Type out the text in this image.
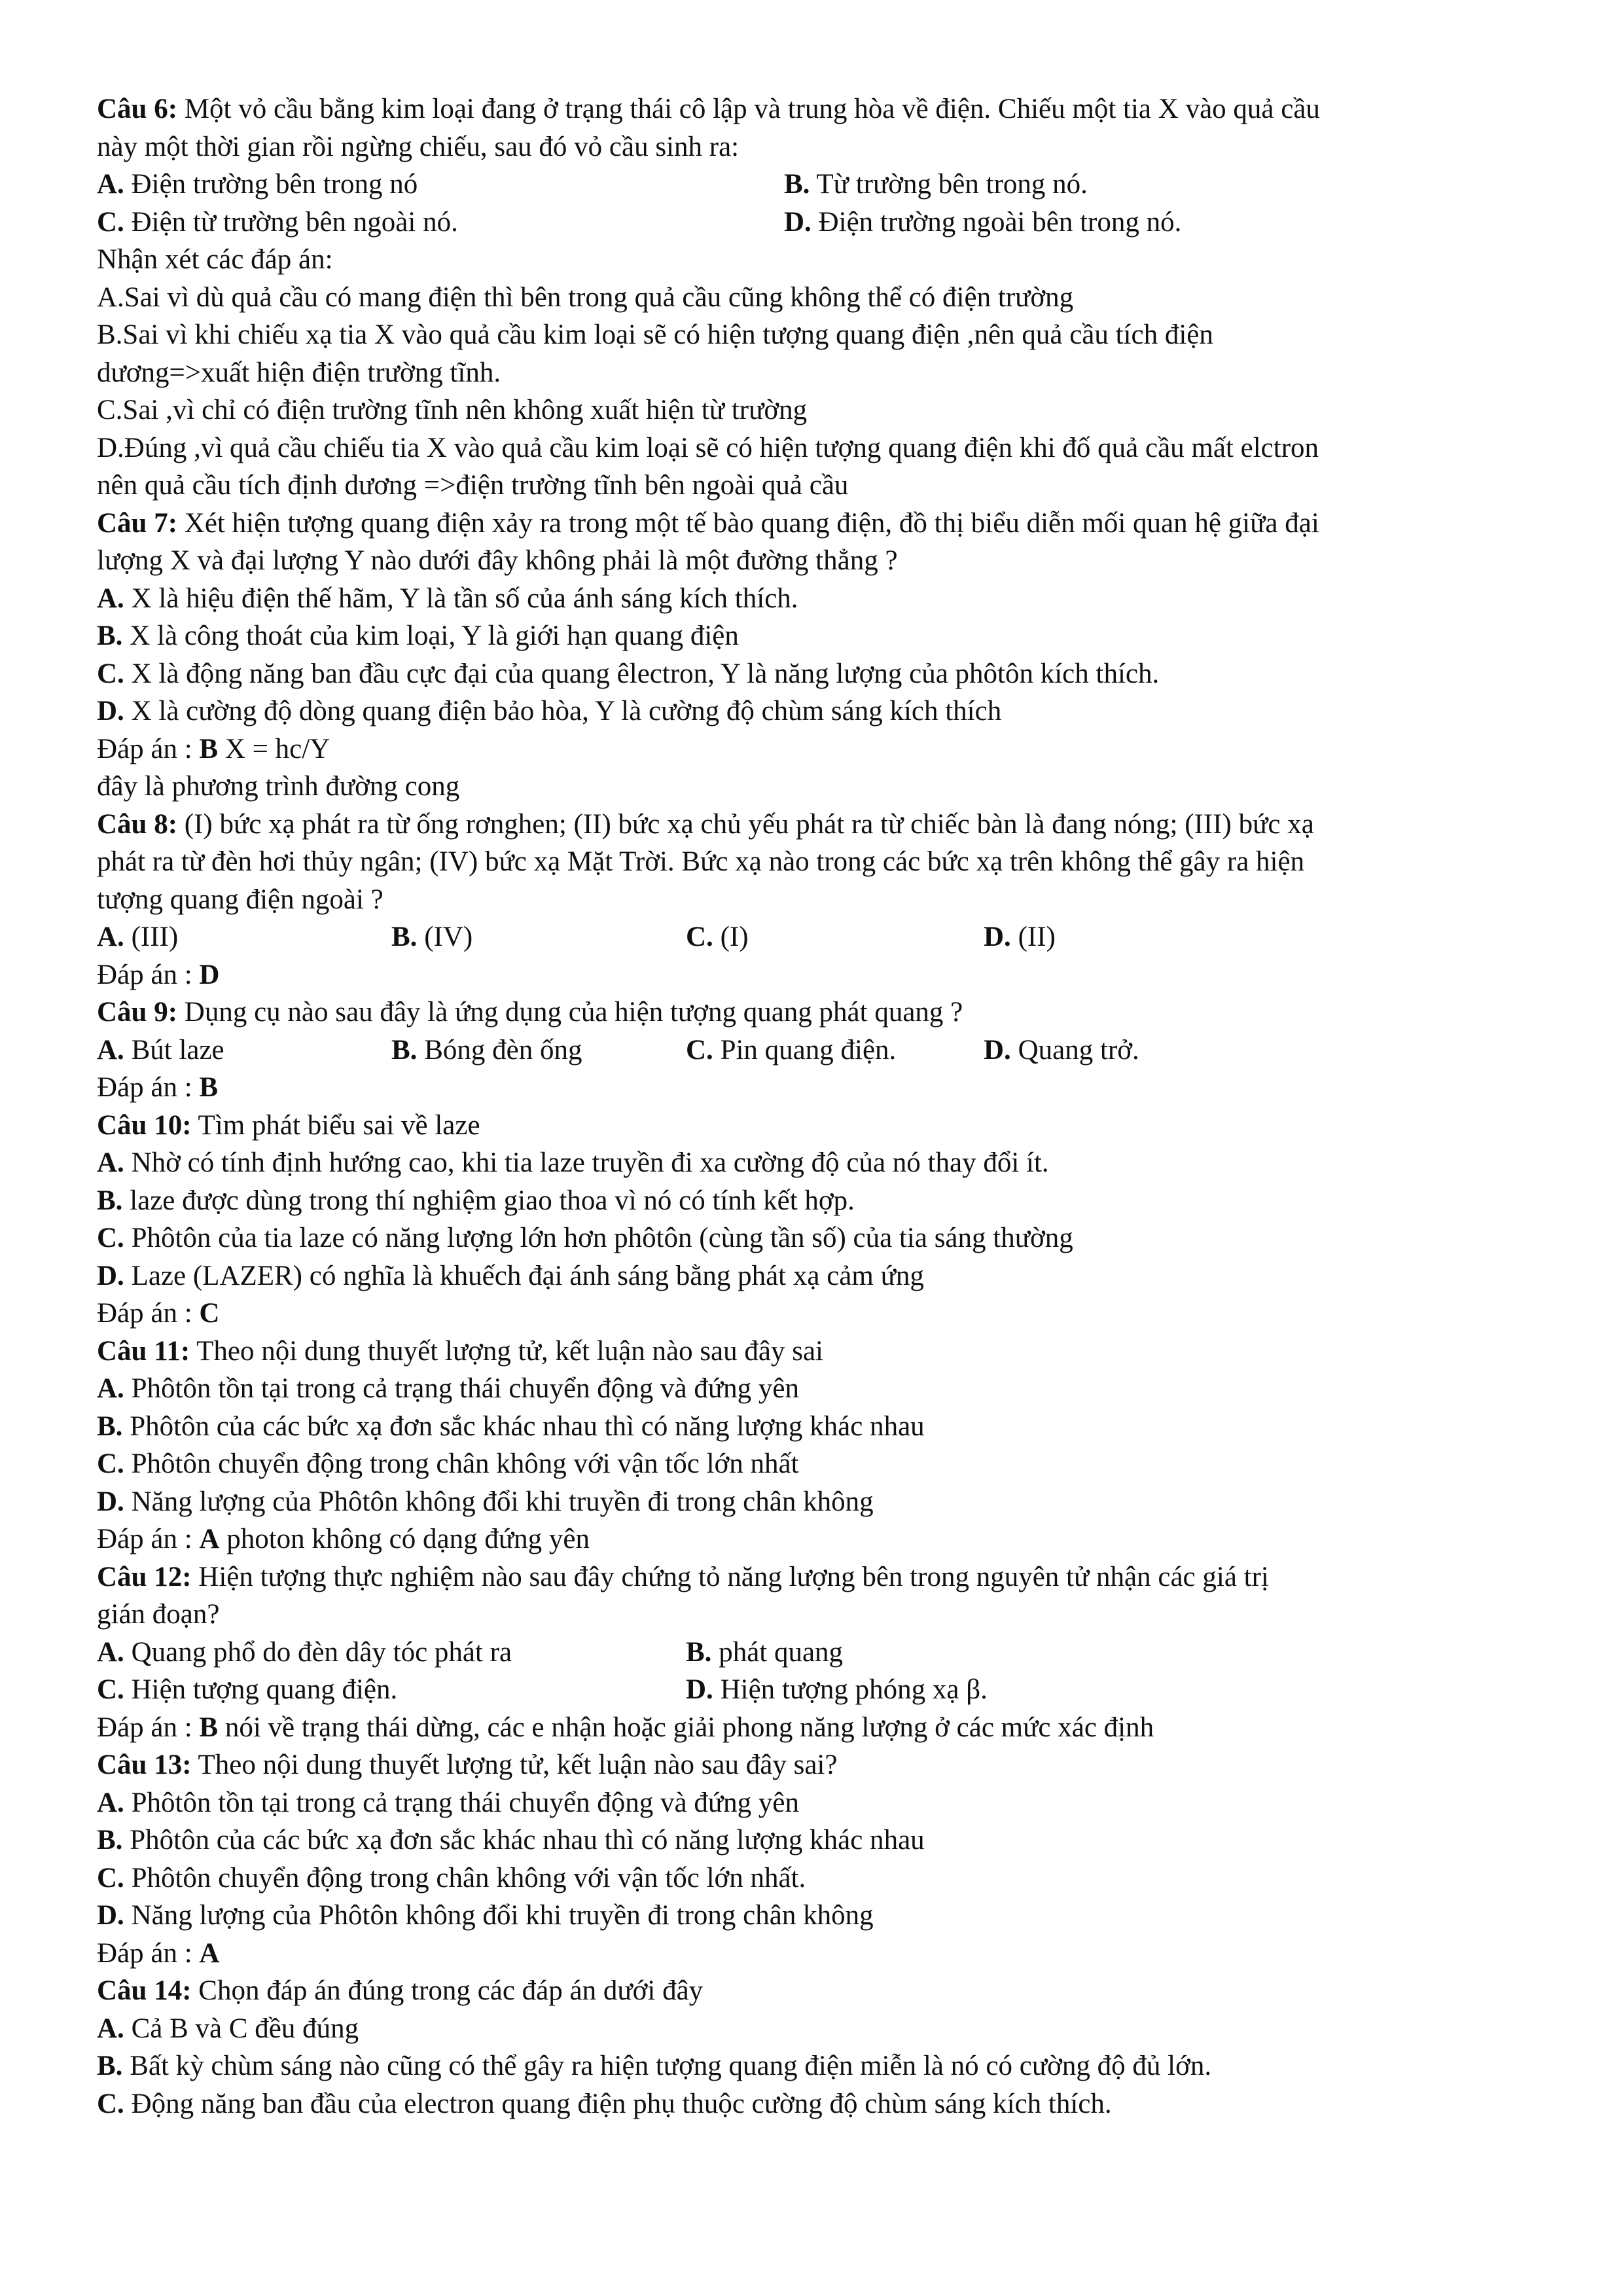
Câu 6: Một vỏ cầu bằng kim loại đang ở trạng thái cô lập và trung hòa về điện. Chiếu một tia X vào quả cầu
này một thời gian rồi ngừng chiếu, sau đó vỏ cầu sinh ra:
A. Điện trường bên trong nó	B. Từ trường bên trong nó.
C. Điện từ trường bên ngoài nó.	D. Điện trường ngoài bên trong nó.
Nhận xét các đáp án:
A.Sai vì dù quả cầu có mang điện thì bên trong quả cầu cũng không thể có điện trường
B.Sai vì khi chiếu xạ tia X vào quả cầu kim loại sẽ có hiện tượng quang điện ,nên quả cầu tích điện
dương=>xuất hiện điện trường tĩnh.
C.Sai ,vì chỉ có điện trường tĩnh nên không xuất hiện từ trường
D.Đúng ,vì quả cầu chiếu tia X vào quả cầu kim loại sẽ có hiện tượng quang điện khi đố quả cầu mất elctron
nên quả cầu tích định dương =>điện trường tĩnh bên ngoài quả cầu
Câu 7: Xét hiện tượng quang điện xảy ra trong một tế bào quang điện, đồ thị biểu diễn mối quan hệ giữa đại
lượng X và đại lượng Y nào dưới đây không phải là một đường thẳng ?
A. X là hiệu điện thế hãm, Y là tần số của ánh sáng kích thích.
B. X là công thoát của kim loại, Y là giới hạn quang điện
C. X là động năng ban đầu cực đại của quang êlectron, Y là năng lượng của phôtôn kích thích.
D. X là cường độ dòng quang điện bảo hòa, Y là cường độ chùm sáng kích thích
Đáp án : B X = hc/Y
đây là phương trình đường cong
Câu 8: (I) bức xạ phát ra từ ống rơnghen; (II) bức xạ chủ yếu phát ra từ chiếc bàn là đang nóng; (III) bức xạ
phát ra từ đèn hơi thủy ngân; (IV) bức xạ Mặt Trời. Bức xạ nào trong các bức xạ trên không thể gây ra hiện
tượng quang điện ngoài ?
A. (III)	B. (IV)	C. (I)	D. (II)
Đáp án : D
Câu 9: Dụng cụ nào sau đây là ứng dụng của hiện tượng quang phát quang ?
A. Bút laze	B. Bóng đèn ống	C. Pin quang điện.	D. Quang trở.
Đáp án : B
Câu 10: Tìm phát biểu sai về laze
A. Nhờ có tính định hướng cao, khi tia laze truyền đi xa cường độ của nó thay đổi ít.
B. laze được dùng trong thí nghiệm giao thoa vì nó có tính kết hợp.
C. Phôtôn của tia laze có năng lượng lớn hơn phôtôn (cùng tần số) của tia sáng thường
D. Laze (LAZER) có nghĩa là khuếch đại ánh sáng bằng phát xạ cảm ứng
Đáp án : C
Câu 11: Theo nội dung thuyết lượng tử, kết luận nào sau đây sai
A. Phôtôn tồn tại trong cả trạng thái chuyển động và đứng yên
B. Phôtôn của các bức xạ đơn sắc khác nhau thì có năng lượng khác nhau
C. Phôtôn chuyển động trong chân không với vận tốc lớn nhất
D. Năng lượng của Phôtôn không đổi khi truyền đi trong chân không
Đáp án : A photon không có dạng đứng yên
Câu 12: Hiện tượng thực nghiệm nào sau đây chứng tỏ năng lượng bên trong nguyên tử nhận các giá trị
gián đoạn?
A. Quang phổ do đèn dây tóc phát ra	B. phát quang
C. Hiện tượng quang điện.	D. Hiện tượng phóng xạ β.
Đáp án : B nói về trạng thái dừng, các e nhận hoặc giải phong năng lượng ở các mức xác định
Câu 13: Theo nội dung thuyết lượng tử, kết luận nào sau đây sai?
A. Phôtôn tồn tại trong cả trạng thái chuyển động và đứng yên
B. Phôtôn của các bức xạ đơn sắc khác nhau thì có năng lượng khác nhau
C. Phôtôn chuyển động trong chân không với vận tốc lớn nhất.
D. Năng lượng của Phôtôn không đổi khi truyền đi trong chân không
Đáp án : A
Câu 14: Chọn đáp án đúng trong các đáp án dưới đây
A. Cả B và C đều đúng
B. Bất kỳ chùm sáng nào cũng có thể gây ra hiện tượng quang điện miễn là nó có cường độ đủ lớn.
C. Động năng ban đầu của electron quang điện phụ thuộc cường độ chùm sáng kích thích.
